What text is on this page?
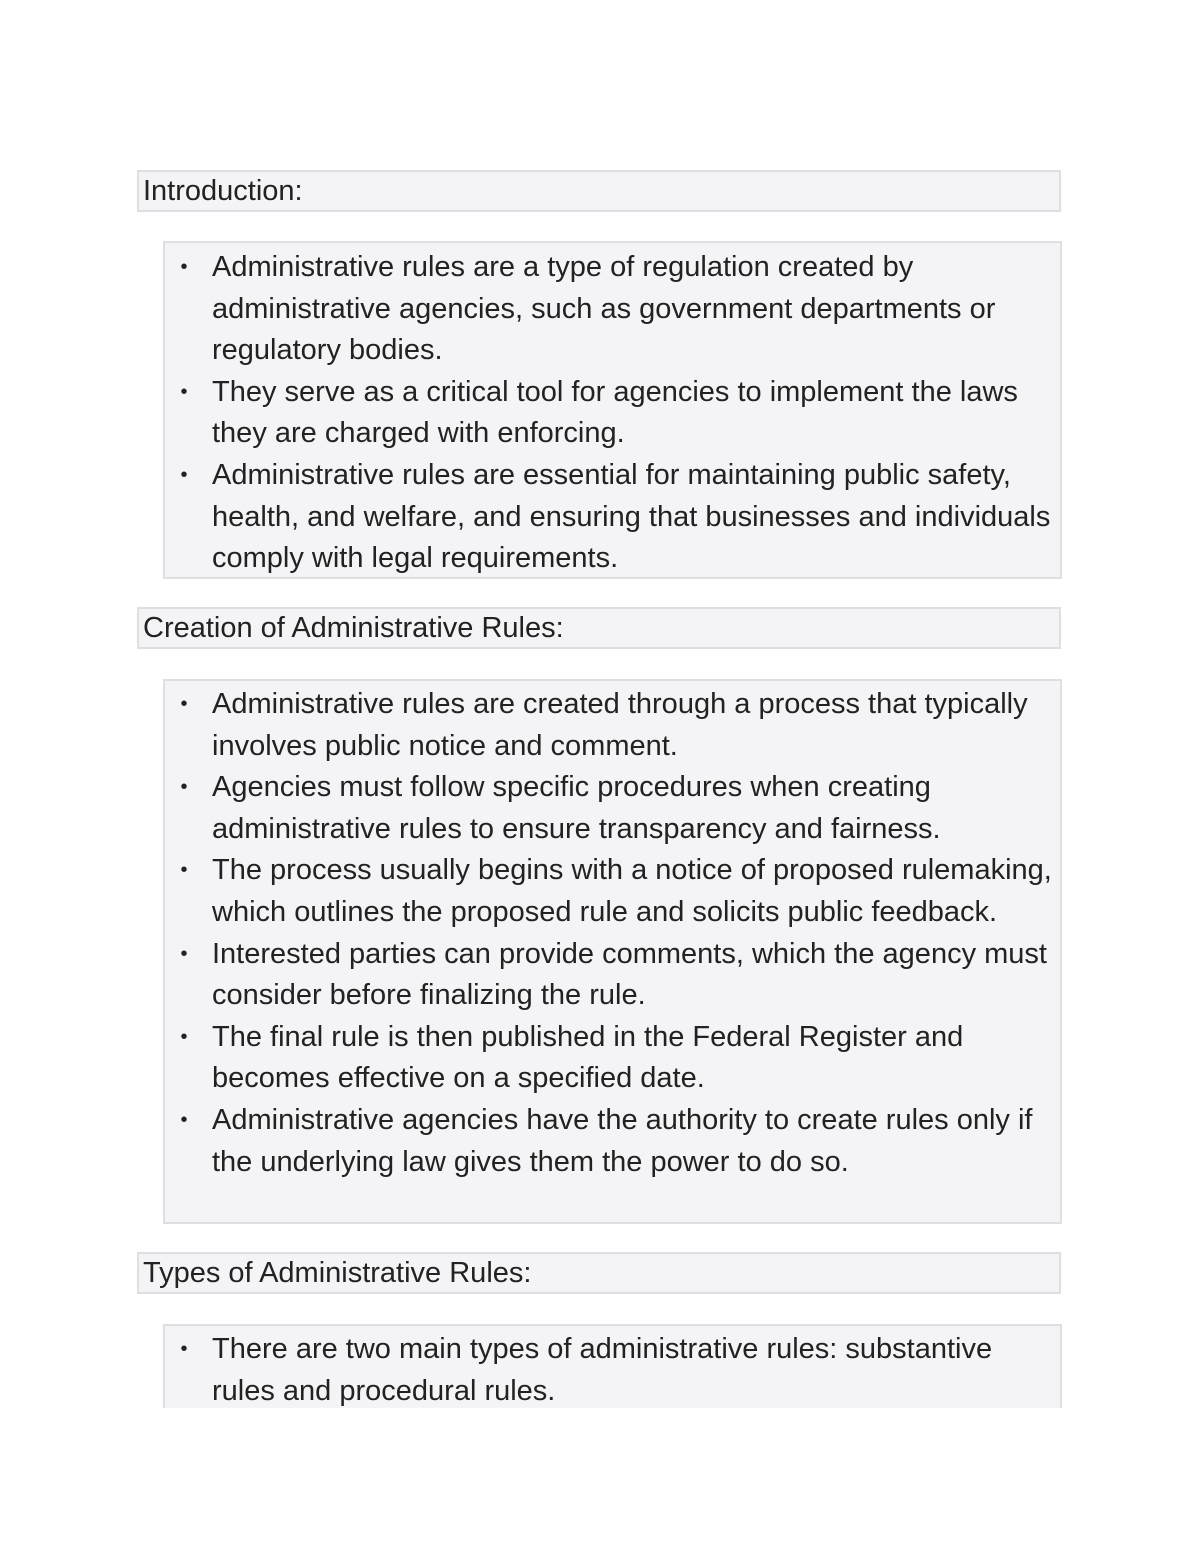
Introduction:
• Administrative rules are a type of regulation created by administrative agencies, such as government departments or regulatory bodies.
• They serve as a critical tool for agencies to implement the laws they are charged with enforcing.
• Administrative rules are essential for maintaining public safety, health, and welfare, and ensuring that businesses and individuals comply with legal requirements.
Creation of Administrative Rules:
• Administrative rules are created through a process that typically involves public notice and comment.
• Agencies must follow specific procedures when creating administrative rules to ensure transparency and fairness.
• The process usually begins with a notice of proposed rulemaking, which outlines the proposed rule and solicits public feedback.
• Interested parties can provide comments, which the agency must consider before finalizing the rule.
• The final rule is then published in the Federal Register and becomes effective on a specified date.
• Administrative agencies have the authority to create rules only if the underlying law gives them the power to do so.
Types of Administrative Rules:
• There are two main types of administrative rules: substantive rules and procedural rules.
